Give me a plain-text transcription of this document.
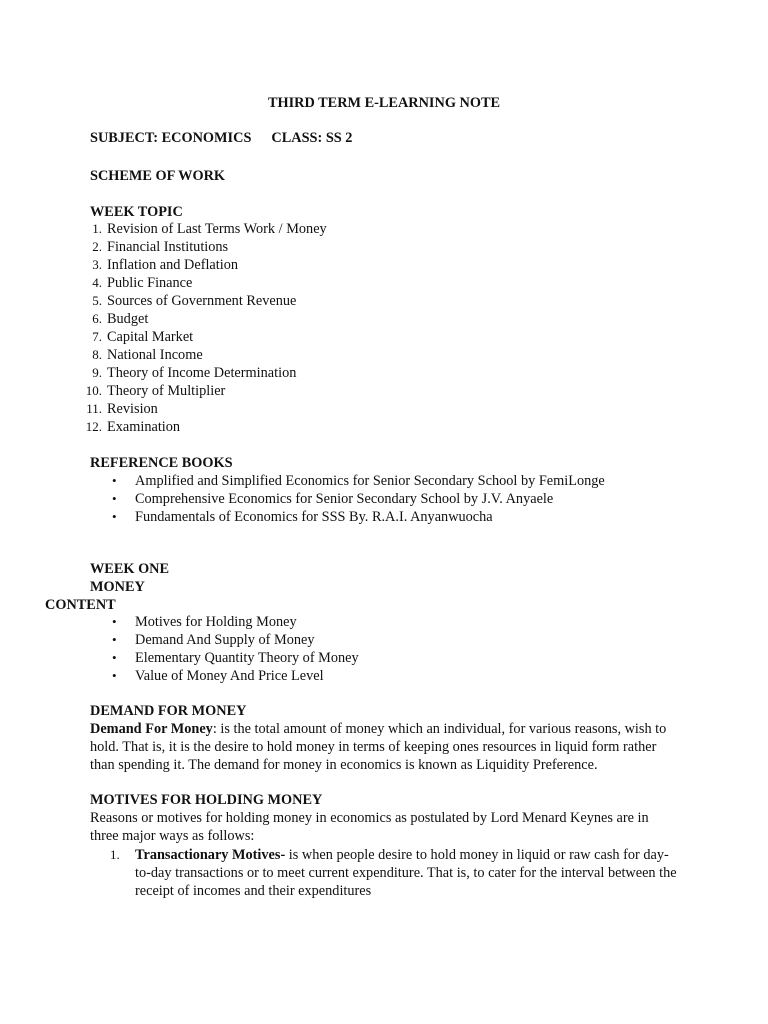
THIRD TERM E-LEARNING NOTE
SUBJECT: ECONOMICS CLASS: SS 2
SCHEME OF WORK
WEEK TOPIC
1. Revision of Last Terms Work / Money
2. Financial Institutions
3. Inflation and Deflation
4. Public Finance
5. Sources of Government Revenue
6. Budget
7. Capital Market
8. National Income
9. Theory of Income Determination
10. Theory of Multiplier
11. Revision
12. Examination
REFERENCE BOOKS
• Amplified and Simplified Economics for Senior Secondary School by FemiLonge
• Comprehensive Economics for Senior Secondary School by J.V. Anyaele
• Fundamentals of Economics for SSS By. R.A.I. Anyanwuocha
WEEK ONE
MONEY
CONTENT
• Motives for Holding Money
• Demand And Supply of Money
• Elementary Quantity Theory of Money
• Value of Money And Price Level
DEMAND FOR MONEY
Demand For Money: is the total amount of money which an individual, for various reasons, wish to hold. That is, it is the desire to hold money in terms of keeping ones resources in liquid form rather than spending it. The demand for money in economics is known as Liquidity Preference.
MOTIVES FOR HOLDING MONEY
Reasons or motives for holding money in economics as postulated by Lord Menard Keynes are in three major ways as follows:
1. Transactionary Motives- is when people desire to hold money in liquid or raw cash for day-to-day transactions or to meet current expenditure. That is, to cater for the interval between the receipt of incomes and their expenditures
